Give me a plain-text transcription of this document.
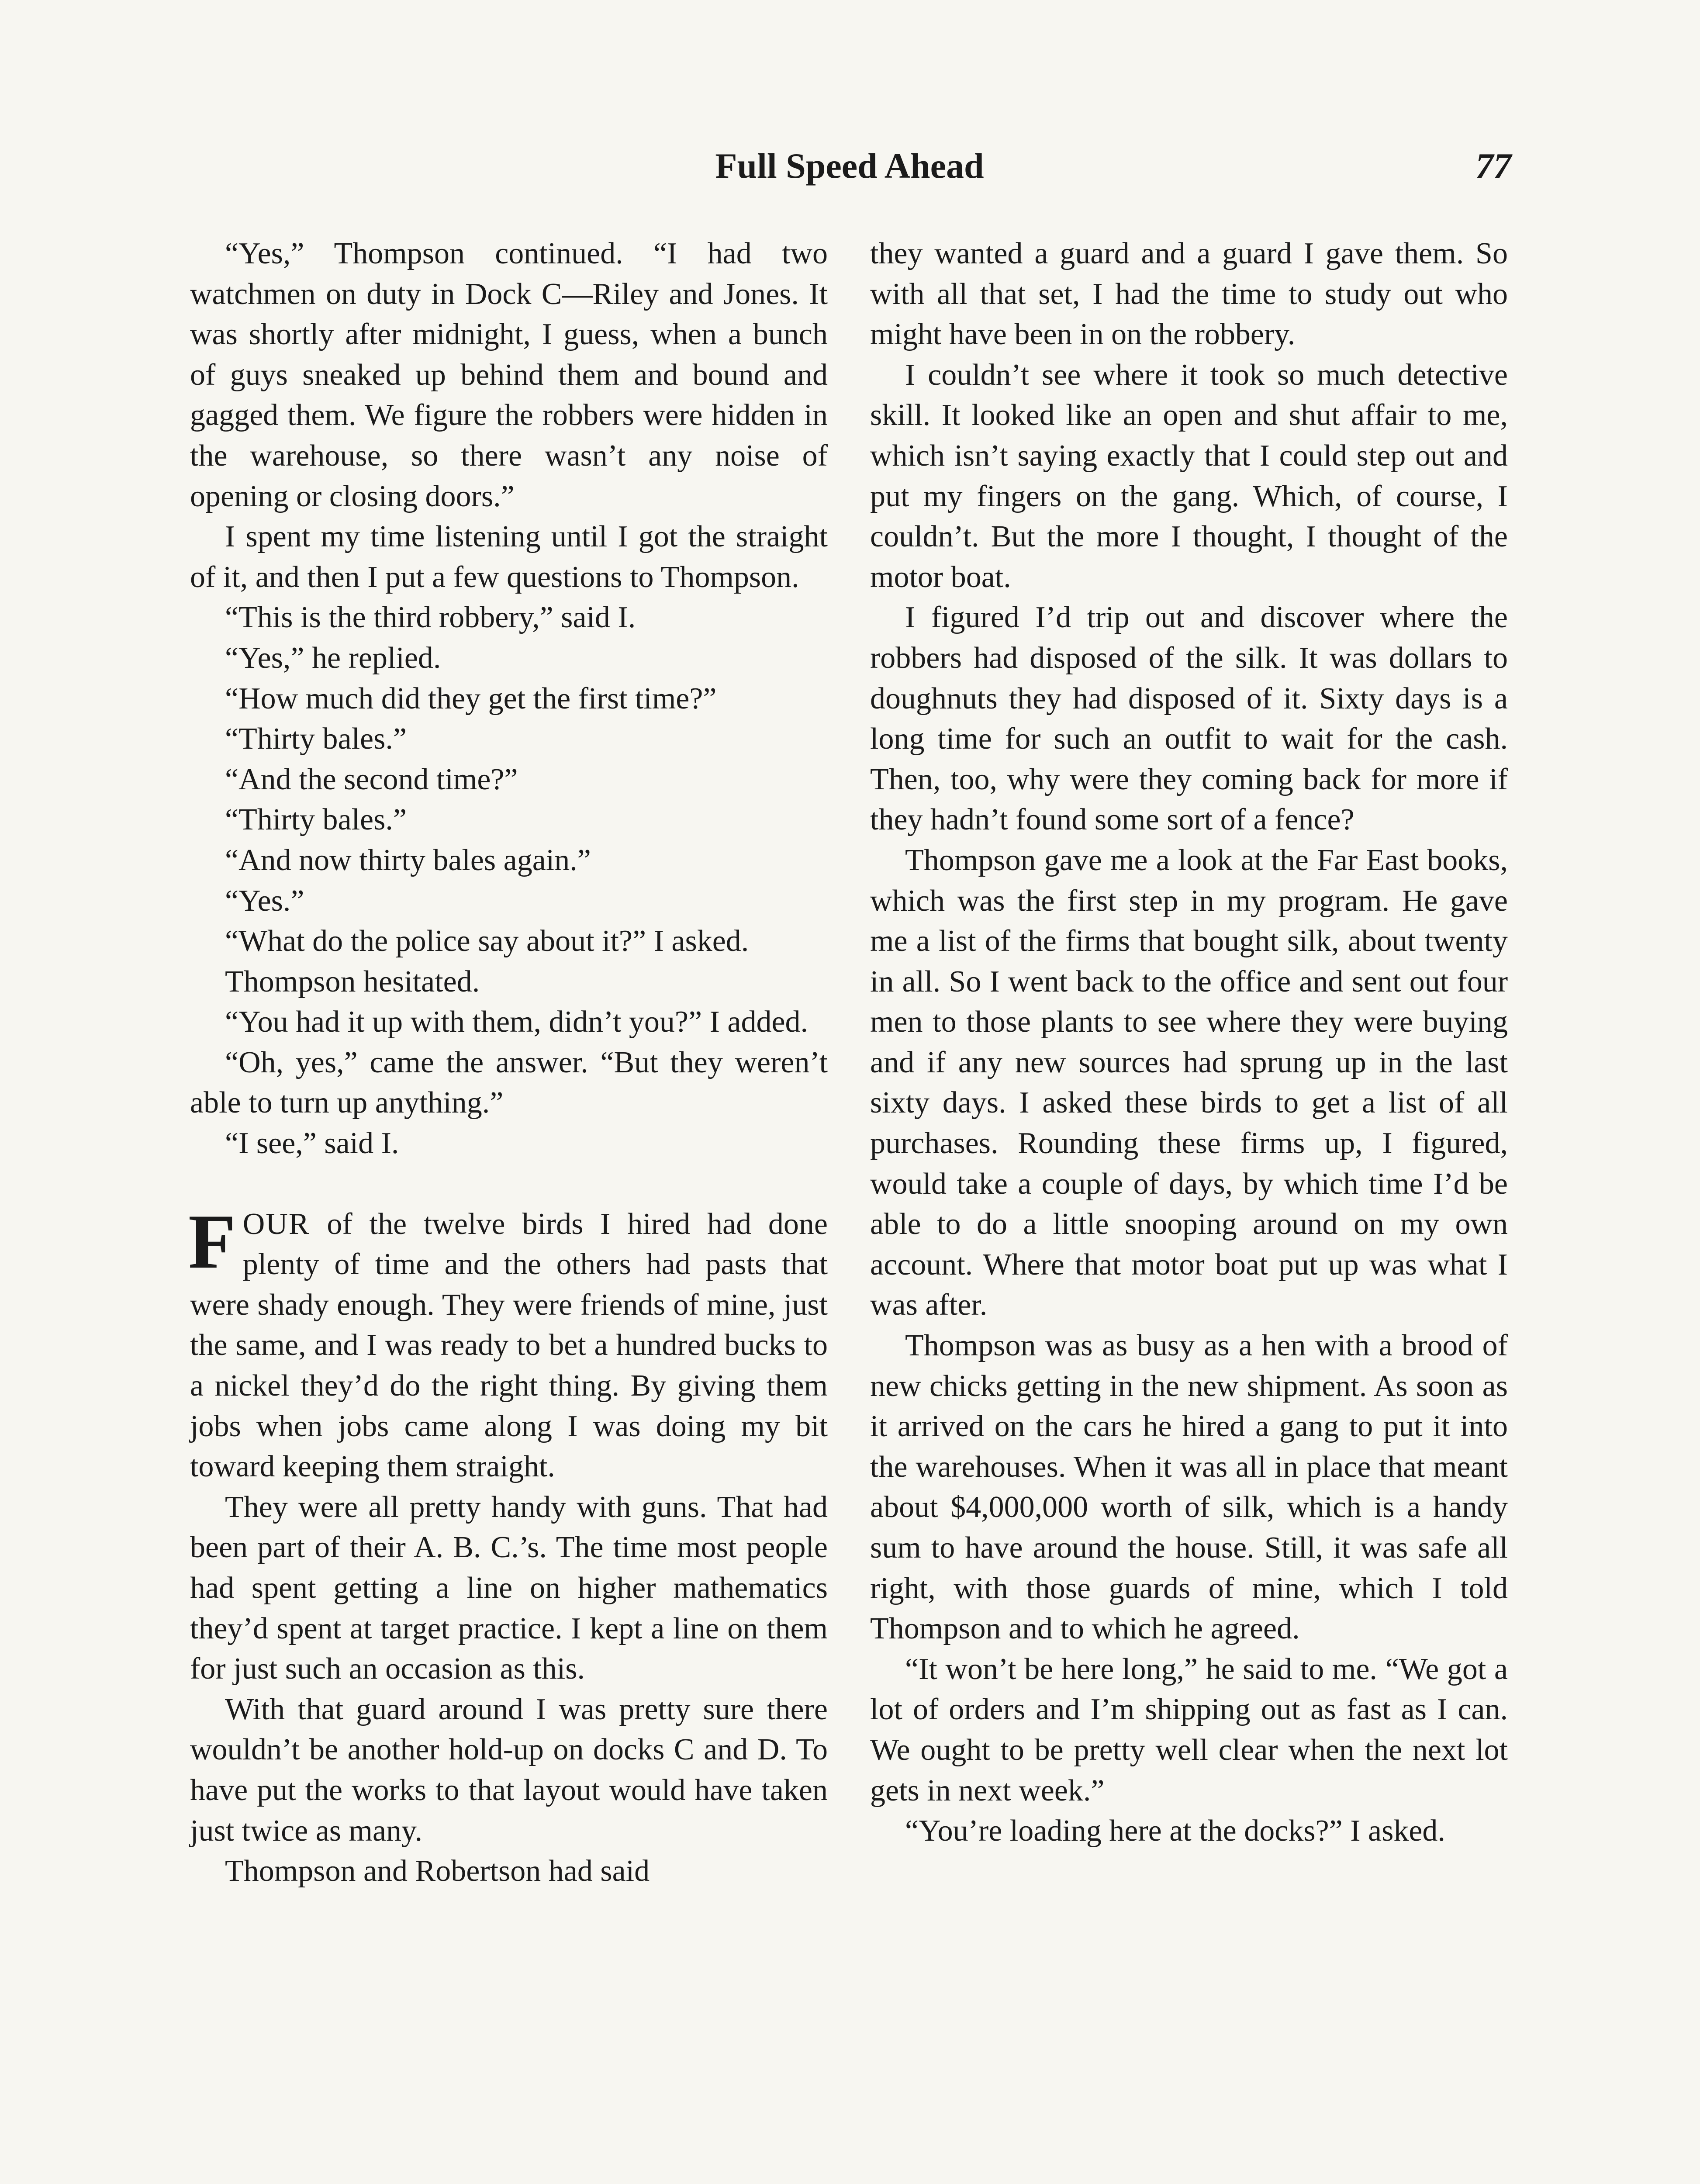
Full Speed Ahead	77

“Yes,” Thompson continued. “I had two watchmen on duty in Dock C—Riley and Jones. It was shortly after midnight, I guess, when a bunch of guys sneaked up behind them and bound and gagged them. We figure the robbers were hidden in the warehouse, so there wasn’t any noise of opening or closing doors.”

I spent my time listening until I got the straight of it, and then I put a few questions to Thompson.

“This is the third robbery,” said I.

“Yes,” he replied.

“How much did they get the first time?”

“Thirty bales.”

“And the second time?”

“Thirty bales.”

“And now thirty bales again.”

“Yes.”

“What do the police say about it?” I asked.

Thompson hesitated.

“You had it up with them, didn’t you?” I added.

“Oh, yes,” came the answer. “But they weren’t able to turn up anything.”

“I see,” said I.

FOUR of the twelve birds I hired had done plenty of time and the others had pasts that were shady enough. They were friends of mine, just the same, and I was ready to bet a hundred bucks to a nickel they’d do the right thing. By giving them jobs when jobs came along I was doing my bit toward keeping them straight.

They were all pretty handy with guns. That had been part of their A. B. C.’s. The time most people had spent getting a line on higher mathematics they’d spent at target practice. I kept a line on them for just such an occasion as this.

With that guard around I was pretty sure there wouldn’t be another hold-up on docks C and D. To have put the works to that layout would have taken just twice as many.

Thompson and Robertson had said

they wanted a guard and a guard I gave them. So with all that set, I had the time to study out who might have been in on the robbery.

I couldn’t see where it took so much detective skill. It looked like an open and shut affair to me, which isn’t saying exactly that I could step out and put my fingers on the gang. Which, of course, I couldn’t. But the more I thought, I thought of the motor boat.

I figured I’d trip out and discover where the robbers had disposed of the silk. It was dollars to doughnuts they had disposed of it. Sixty days is a long time for such an outfit to wait for the cash. Then, too, why were they coming back for more if they hadn’t found some sort of a fence?

Thompson gave me a look at the Far East books, which was the first step in my program. He gave me a list of the firms that bought silk, about twenty in all. So I went back to the office and sent out four men to those plants to see where they were buying and if any new sources had sprung up in the last sixty days. I asked these birds to get a list of all purchases. Rounding these firms up, I figured, would take a couple of days, by which time I’d be able to do a little snooping around on my own account. Where that motor boat put up was what I was after.

Thompson was as busy as a hen with a brood of new chicks getting in the new shipment. As soon as it arrived on the cars he hired a gang to put it into the warehouses. When it was all in place that meant about $4,000,000 worth of silk, which is a handy sum to have around the house. Still, it was safe all right, with those guards of mine, which I told Thompson and to which he agreed.

“It won’t be here long,” he said to me. “We got a lot of orders and I’m shipping out as fast as I can. We ought to be pretty well clear when the next lot gets in next week.”

“You’re loading here at the docks?” I asked.
